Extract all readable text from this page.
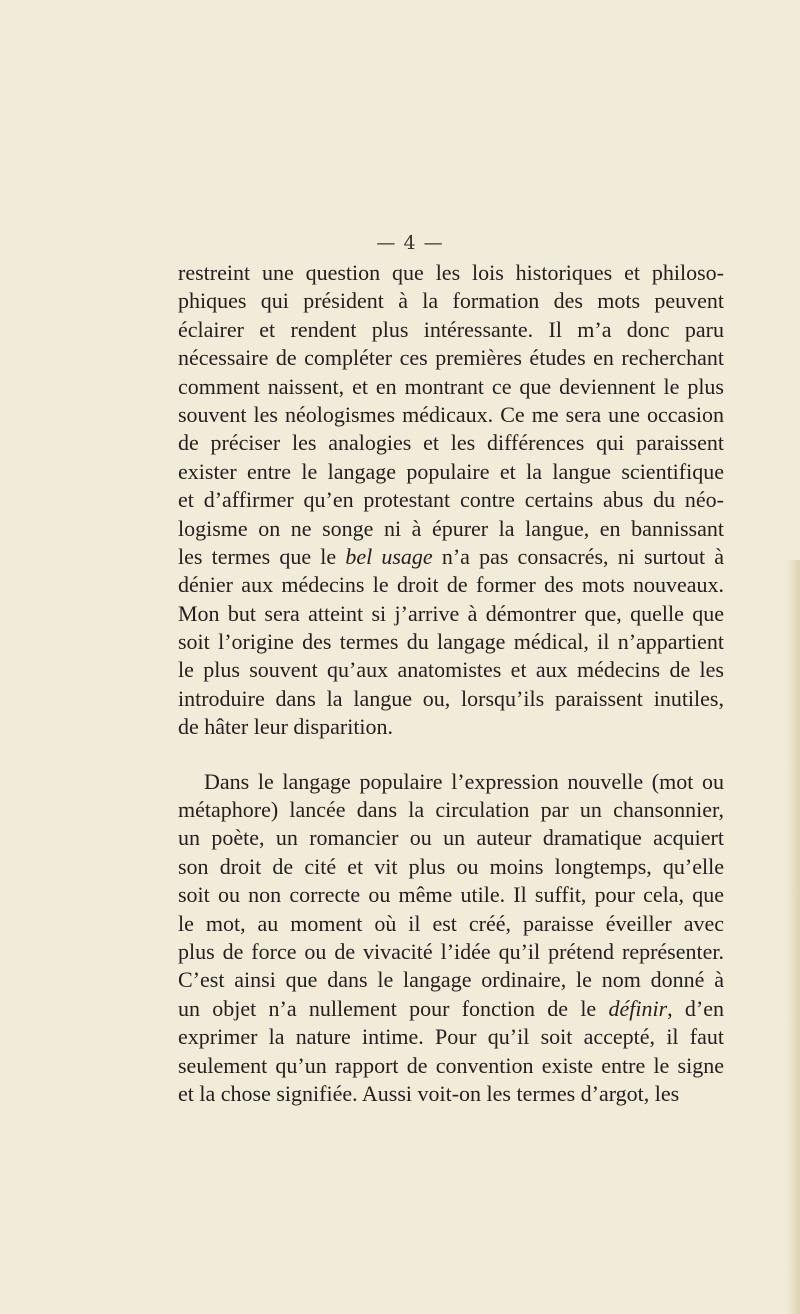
— 4 —
restreint une question que les lois historiques et philoso-
phiques qui président à la formation des mots peuvent
éclairer et rendent plus intéressante. Il m’a donc paru
nécessaire de compléter ces premières études en recherchant
comment naissent, et en montrant ce que deviennent le plus
souvent les néologismes médicaux. Ce me sera une occasion
de préciser les analogies et les différences qui paraissent
exister entre le langage populaire et la langue scientifique
et d’affirmer qu’en protestant contre certains abus du néo-
logisme on ne songe ni à épurer la langue, en bannissant
les termes que le bel usage n’a pas consacrés, ni surtout à
dénier aux médecins le droit de former des mots nouveaux.
Mon but sera atteint si j’arrive à démontrer que, quelle que
soit l’origine des termes du langage médical, il n’appartient
le plus souvent qu’aux anatomistes et aux médecins de les
introduire dans la langue ou, lorsqu’ils paraissent inutiles,
de hâter leur disparition.
Dans le langage populaire l’expression nouvelle (mot ou
métaphore) lancée dans la circulation par un chansonnier,
un poète, un romancier ou un auteur dramatique acquiert
son droit de cité et vit plus ou moins longtemps, qu’elle
soit ou non correcte ou même utile. Il suffit, pour cela, que
le mot, au moment où il est créé, paraisse éveiller avec
plus de force ou de vivacité l’idée qu’il prétend représenter.
C’est ainsi que dans le langage ordinaire, le nom donné à
un objet n’a nullement pour fonction de le définir, d’en
exprimer la nature intime. Pour qu’il soit accepté, il faut
seulement qu’un rapport de convention existe entre le signe
et la chose signifiée. Aussi voit-on les termes d’argot, les
